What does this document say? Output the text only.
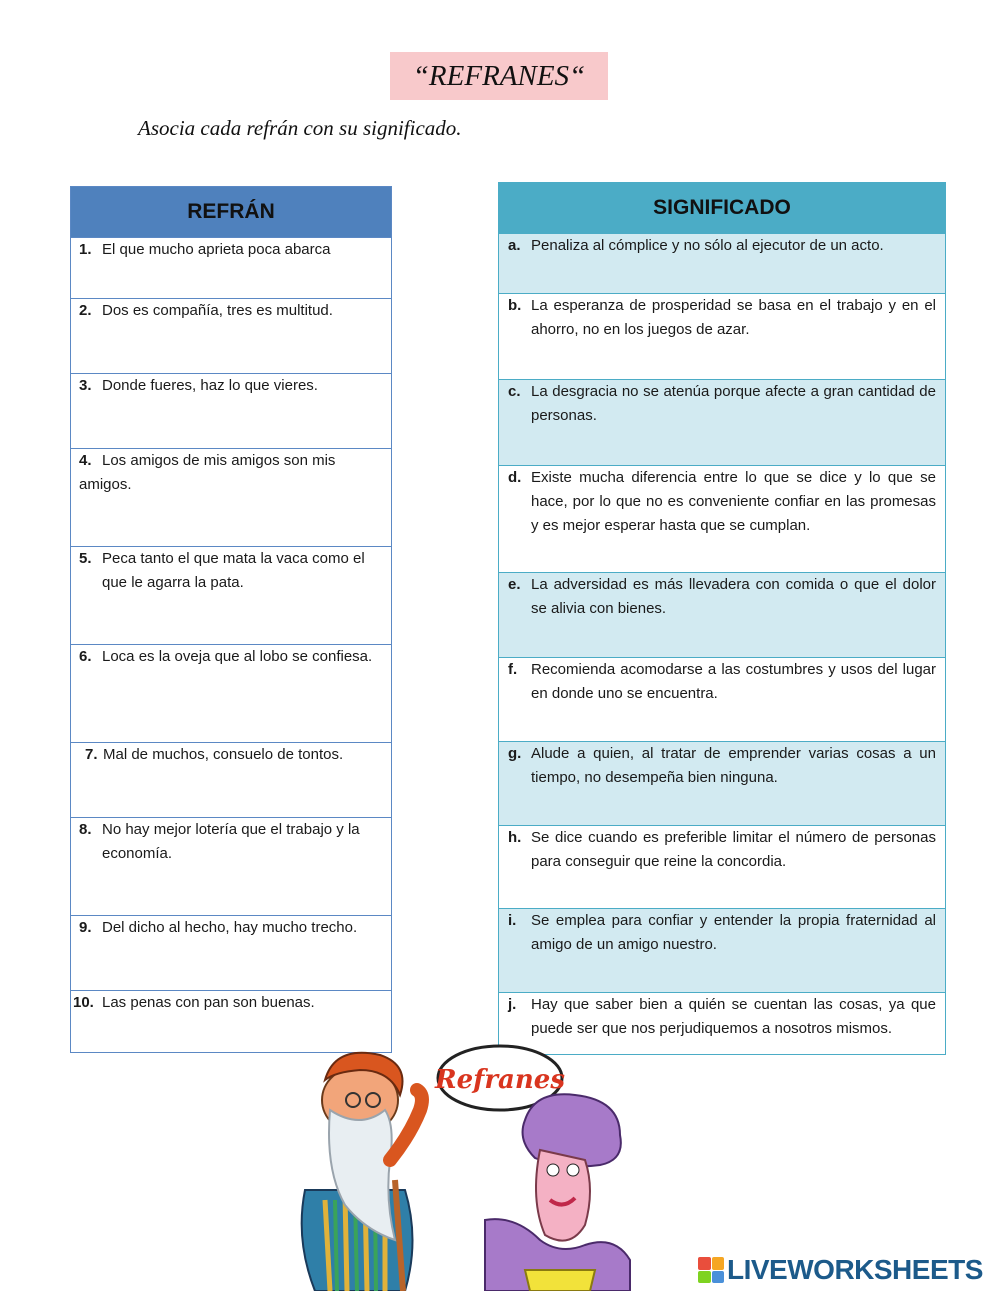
“REFRANES“
Asocia cada refrán con su significado.
REFRÁN

1. El que mucho aprieta poca abarca

2. Dos es compañía, tres es multitud.

3. Donde fueres, haz lo que vieres.

4. Los amigos de mis amigos son mis amigos.

5. Peca tanto el que mata la vaca como el que le agarra la pata.

6. Loca es la oveja que al lobo se confiesa.

7. Mal de muchos, consuelo de tontos.

8. No hay mejor lotería que el trabajo y la economía.

9. Del dicho al hecho, hay mucho trecho.

10. Las penas con pan son buenas.
SIGNIFICADO

a. Penaliza al cómplice y no sólo al ejecutor de un acto.

b. La esperanza de prosperidad se basa en el trabajo y en el ahorro, no en los juegos de azar.

c. La desgracia no se atenúa porque afecte a gran cantidad de personas.

d. Existe mucha diferencia entre lo que se dice y lo que se hace, por lo que no es conveniente confiar en las promesas y es mejor esperar hasta que se cumplan.

e. La adversidad es más llevadera con comida o que el dolor se alivia con bienes.

f. Recomienda acomodarse a las costumbres y usos del lugar en donde uno se encuentra.

g. Alude a quien, al tratar de emprender varias cosas a un tiempo, no desempeña bien ninguna.

h. Se dice cuando es preferible limitar el número de personas para conseguir que reine la concordia.

i. Se emplea para confiar y entender la propia fraternidad al amigo de un amigo nuestro.

j. Hay que saber bien a quién se cuentan las cosas, ya que puede ser que nos perjudiquemos a nosotros mismos.
Refranes
LIVEWORKSHEETS
